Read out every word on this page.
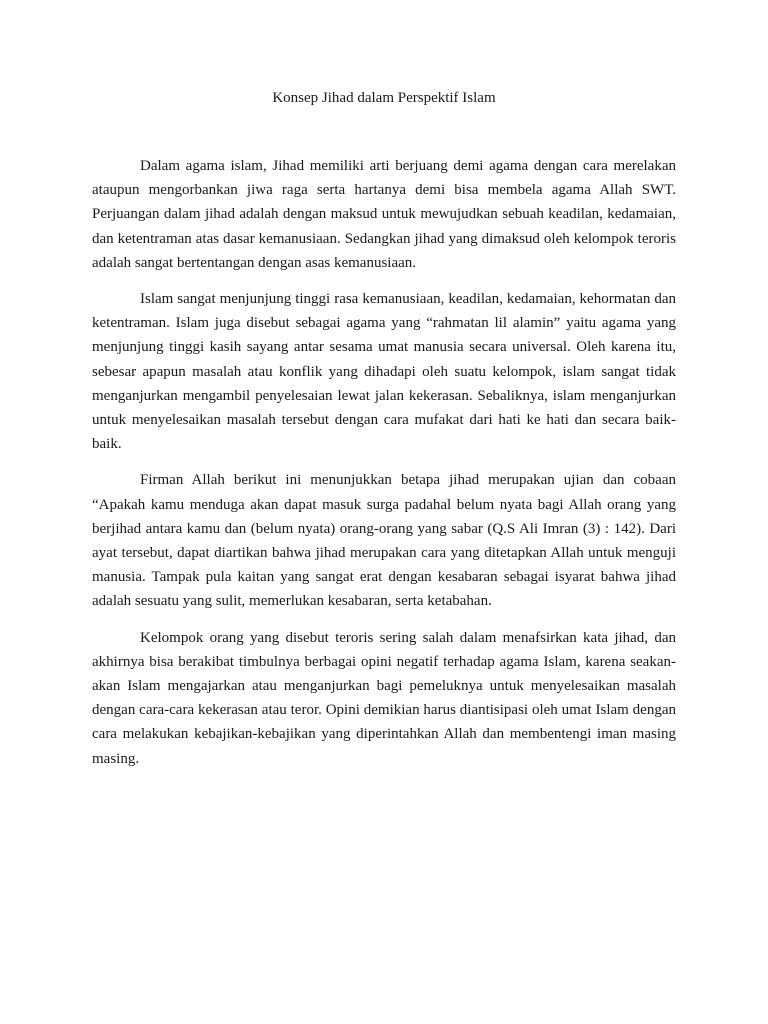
Konsep Jihad dalam Perspektif Islam

Dalam agama islam, Jihad memiliki arti berjuang demi agama dengan cara merelakan ataupun mengorbankan jiwa raga serta hartanya demi bisa membela agama Allah SWT. Perjuangan dalam jihad adalah dengan maksud untuk mewujudkan sebuah keadilan, kedamaian, dan ketentraman atas dasar kemanusiaan. Sedangkan jihad yang dimaksud oleh kelompok teroris adalah sangat bertentangan dengan asas kemanusiaan.

Islam sangat menjunjung tinggi rasa kemanusiaan, keadilan, kedamaian, kehormatan dan ketentraman. Islam juga disebut sebagai agama yang “rahmatan lil alamin” yaitu agama yang menjunjung tinggi kasih sayang antar sesama umat manusia secara universal. Oleh karena itu, sebesar apapun masalah atau konflik yang dihadapi oleh suatu kelompok, islam sangat tidak menganjurkan mengambil penyelesaian lewat jalan kekerasan. Sebaliknya, islam menganjurkan untuk menyelesaikan masalah tersebut dengan cara mufakat dari hati ke hati dan secara baik-baik.

Firman Allah berikut ini menunjukkan betapa jihad merupakan ujian dan cobaan “Apakah kamu menduga akan dapat masuk surga padahal belum nyata bagi Allah orang yang berjihad antara kamu dan (belum nyata) orang-orang yang sabar (Q.S Ali Imran (3) : 142). Dari ayat tersebut, dapat diartikan bahwa jihad merupakan cara yang ditetapkan Allah untuk menguji manusia. Tampak pula kaitan yang sangat erat dengan kesabaran sebagai isyarat bahwa jihad adalah sesuatu yang sulit, memerlukan kesabaran, serta ketabahan.

Kelompok orang yang disebut teroris sering salah dalam menafsirkan kata jihad, dan akhirnya bisa berakibat timbulnya berbagai opini negatif terhadap agama Islam, karena seakan-akan Islam mengajarkan atau menganjurkan bagi pemeluknya untuk menyelesaikan masalah dengan cara-cara kekerasan atau teror. Opini demikian harus diantisipasi oleh umat Islam dengan cara melakukan kebajikan-kebajikan yang diperintahkan Allah dan membentengi iman masing masing.
